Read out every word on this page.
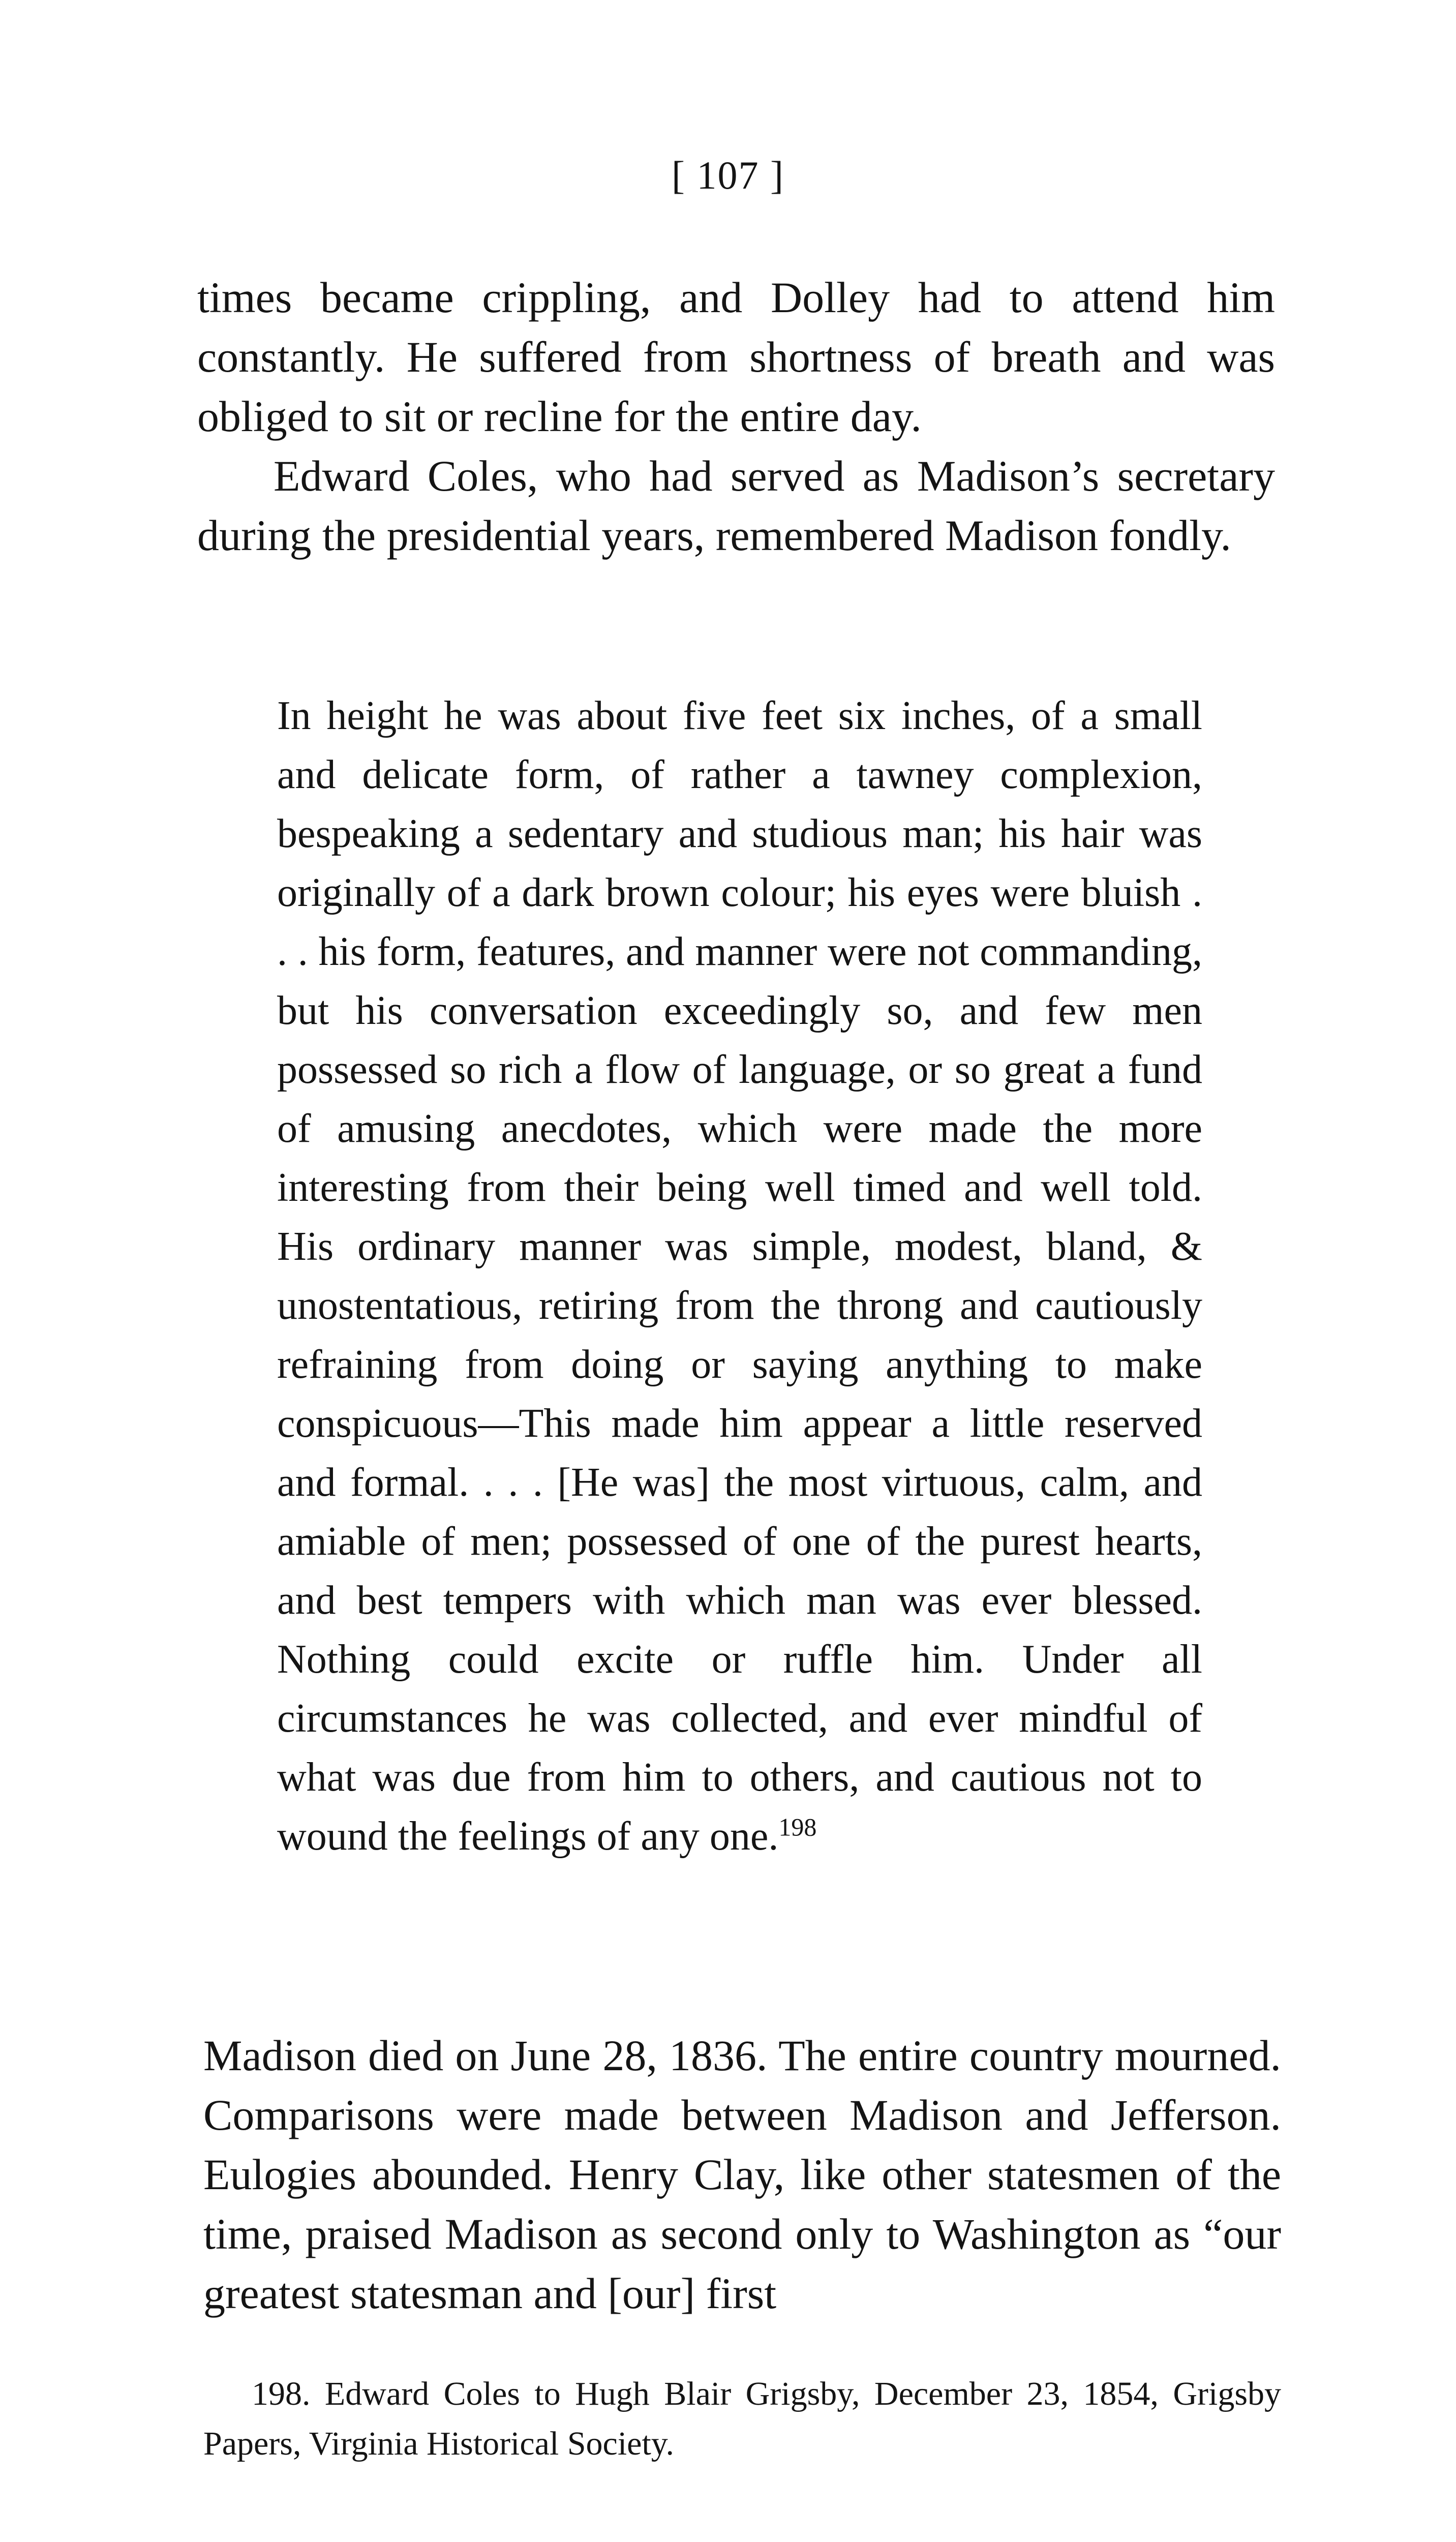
[ 107 ]

times became crippling, and Dolley had to attend him constantly. He suffered from shortness of breath and was obliged to sit or recline for the entire day.

Edward Coles, who had served as Madison’s secretary during the presidential years, remembered Madison fondly.

In height he was about five feet six inches, of a small and delicate form, of rather a tawney complexion, bespeaking a sedentary and studious man; his hair was originally of a dark brown colour; his eyes were bluish . . . his form, features, and manner were not commanding, but his conversation exceedingly so, and few men possessed so rich a flow of language, or so great a fund of amusing anecdotes, which were made the more interesting from their being well timed and well told. His ordinary manner was simple, modest, bland, & unostentatious, retiring from the throng and cautiously refraining from doing or saying anything to make conspicuous—This made him appear a little reserved and formal. . . . [He was] the most virtuous, calm, and amiable of men; possessed of one of the purest hearts, and best tempers with which man was ever blessed. Nothing could excite or ruffle him. Under all circumstances he was collected, and ever mindful of what was due from him to others, and cautious not to wound the feelings of any one.$^{198}$

Madison died on June 28, 1836. The entire country mourned. Comparisons were made between Madison and Jefferson. Eulogies abounded. Henry Clay, like other statesmen of the time, praised Madison as second only to Washington as “our greatest statesman and [our] first

198. Edward Coles to Hugh Blair Grigsby, December 23, 1854, Grigsby Papers, Virginia Historical Society.
